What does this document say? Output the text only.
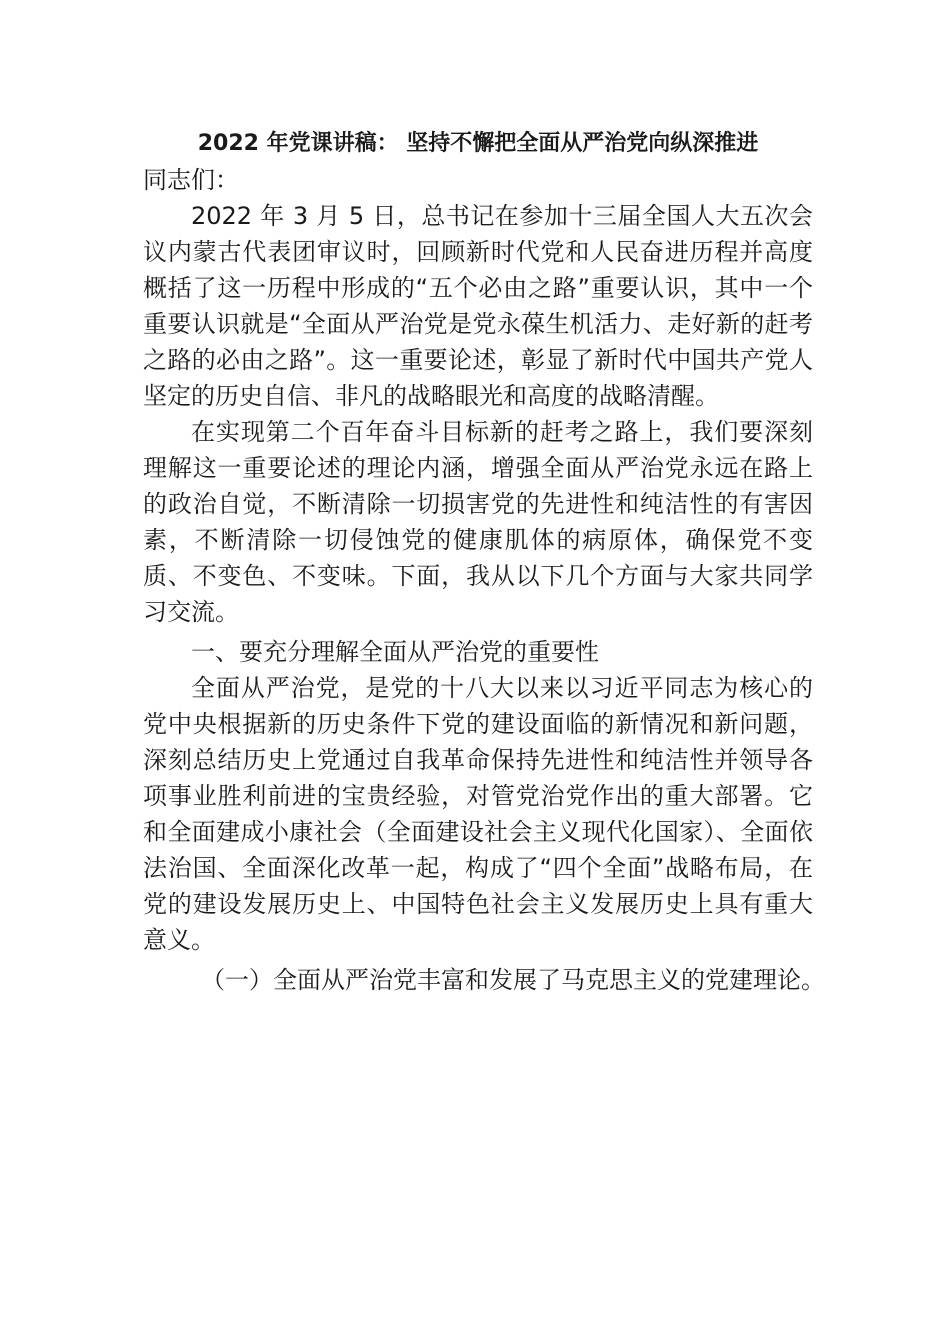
2022 年党课讲稿： 坚持不懈把全面从严治党向纵深推进

同志们：

2022 年 3 月 5 日，总书记在参加十三届全国人大五次会议内蒙古代表团审议时，回顾新时代党和人民奋进历程并高度概括了这一历程中形成的“五个必由之路”重要认识，其中一个重要认识就是“全面从严治党是党永葆生机活力、走好新的赶考之路的必由之路”。这一重要论述，彰显了新时代中国共产党人坚定的历史自信、非凡的战略眼光和高度的战略清醒。

在实现第二个百年奋斗目标新的赶考之路上，我们要深刻理解这一重要论述的理论内涵，增强全面从严治党永远在路上的政治自觉，不断清除一切损害党的先进性和纯洁性的有害因素，不断清除一切侵蚀党的健康肌体的病原体，确保党不变质、不变色、不变味。下面，我从以下几个方面与大家共同学习交流。

一、要充分理解全面从严治党的重要性

全面从严治党，是党的十八大以来以习近平同志为核心的党中央根据新的历史条件下党的建设面临的新情况和新问题，深刻总结历史上党通过自我革命保持先进性和纯洁性并领导各项事业胜利前进的宝贵经验，对管党治党作出的重大部署。它和全面建成小康社会（全面建设社会主义现代化国家）、全面依法治国、全面深化改革一起，构成了“四个全面”战略布局，在党的建设发展历史上、中国特色社会主义发展历史上具有重大意义。

（一）全面从严治党丰富和发展了马克思主义的党建理论。
